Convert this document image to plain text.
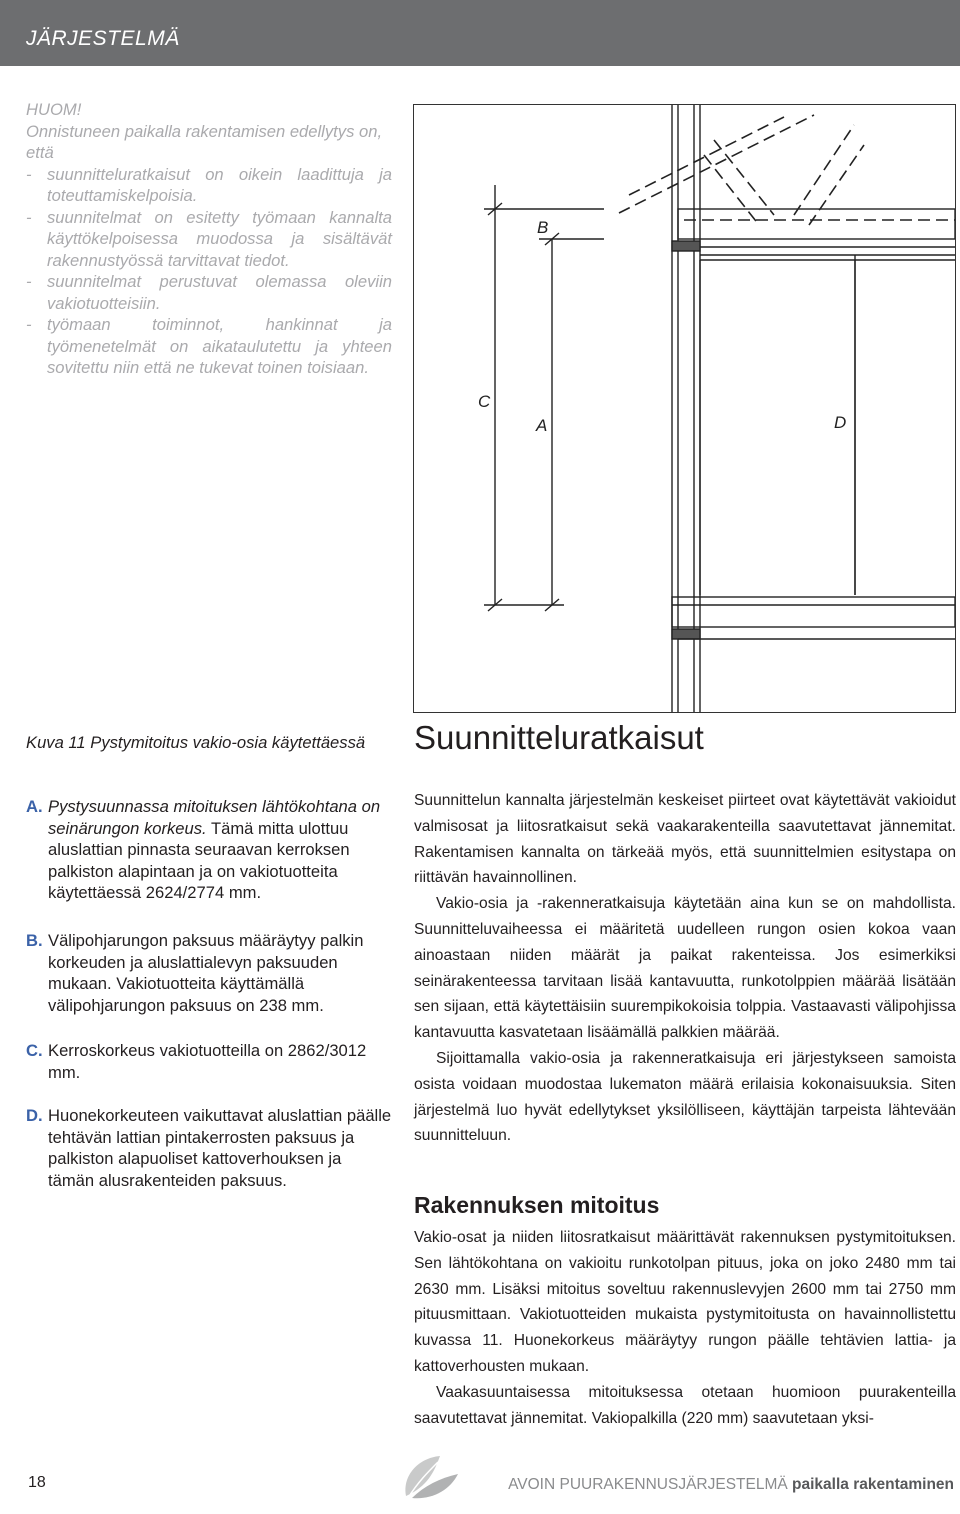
JÄRJESTELMÄ

HUOM!

Onnistuneen paikalla rakentamisen edellytys on, että

- suunnitteluratkaisut on oikein laadittuja ja toteuttamiskelpoisia.

- suunnitelmat on esitetty työmaan kannalta käyttökelpoisessa muodossa ja sisältävät rakennustyössä tarvittavat tiedot.

- suunnitelmat perustuvat olemassa oleviin vakiotuotteisiin.

- työmaan toiminnot, hankinnat ja työmenetelmät on aikataulutettu ja yhteen sovitettu niin että ne tukevat toinen toisiaan.

B
C
A	D
Kuva 11 Pystymitoitus vakio-osia käytettäessä
A. Pystysuunnassa mitoituksen lähtökohtana on seinärungon korkeus. Tämä mitta ulottuu aluslattian pinnasta seuraavan kerroksen palkiston alapintaan ja on vakiotuotteita käytettäessä 2624/2774 mm.
B. Välipohjarungon paksuus määräytyy palkin korkeuden ja aluslattialevyn paksuuden mukaan. Vakiotuotteita käyttämällä välipohjarungon paksuus on 238 mm.
C. Kerroskorkeus vakiotuotteilla on 2862/3012 mm.
D. Huonekorkeuteen vaikuttavat aluslattian päälle tehtävän lattian pintakerrosten paksuus ja palkiston alapuoliset kattoverhouksen ja tämän alusrakenteiden paksuus.
Suunnitteluratkaisut

Suunnittelun kannalta järjestelmän keskeiset piirteet ovat käytettävät vakioidut valmisosat ja liitosratkaisut sekä vaakarakenteilla saavutettavat jännemitat. Rakentamisen kannalta on tärkeää myös, että suunnittelmien esitystapa on riittävän havainnollinen.

Vakio-osia ja -rakenneratkaisuja käytetään aina kun se on mahdollista. Suunnitteluvaiheessa ei määritetä uudelleen rungon osien kokoa vaan ainoastaan niiden määrät ja paikat rakenteissa. Jos esimerkiksi seinärakenteessa tarvitaan lisää kantavuutta, runkotolppien määrää lisätään sen sijaan, että käytettäisiin suurempikokoisia tolppia. Vastaavasti välipohjissa kantavuutta kasvatetaan lisäämällä palkkien määrää.

Sijoittamalla vakio-osia ja rakenneratkaisuja eri järjestykseen samoista osista voidaan muodostaa lukematon määrä erilaisia kokonaisuuksia. Siten järjestelmä luo hyvät edellytykset yksilölliseen, käyttäjän tarpeista lähtevään suunnitteluun.

Rakennuksen mitoitus

Vakio-osat ja niiden liitosratkaisut määrittävät rakennuksen pystymitoituksen. Sen lähtökohtana on vakioitu runkotolpan pituus, joka on joko 2480 mm tai 2630 mm. Lisäksi mitoitus soveltuu rakennuslevyjen 2600 mm tai 2750 mm pituusmittaan. Vakiotuotteiden mukaista pystymitoitusta on havainnollistettu kuvassa 11. Huonekorkeus määräytyy rungon päälle tehtävien lattia- ja kattoverhousten mukaan.

Vaakasuuntaisessa mitoituksessa otetaan huomioon puurakenteilla saavutettavat jännemitat. Vakiopalkilla (220 mm) saavutetaan yksi-

18	AVOIN PUURAKENNUSJÄRJESTELMÄ paikalla rakentaminen
